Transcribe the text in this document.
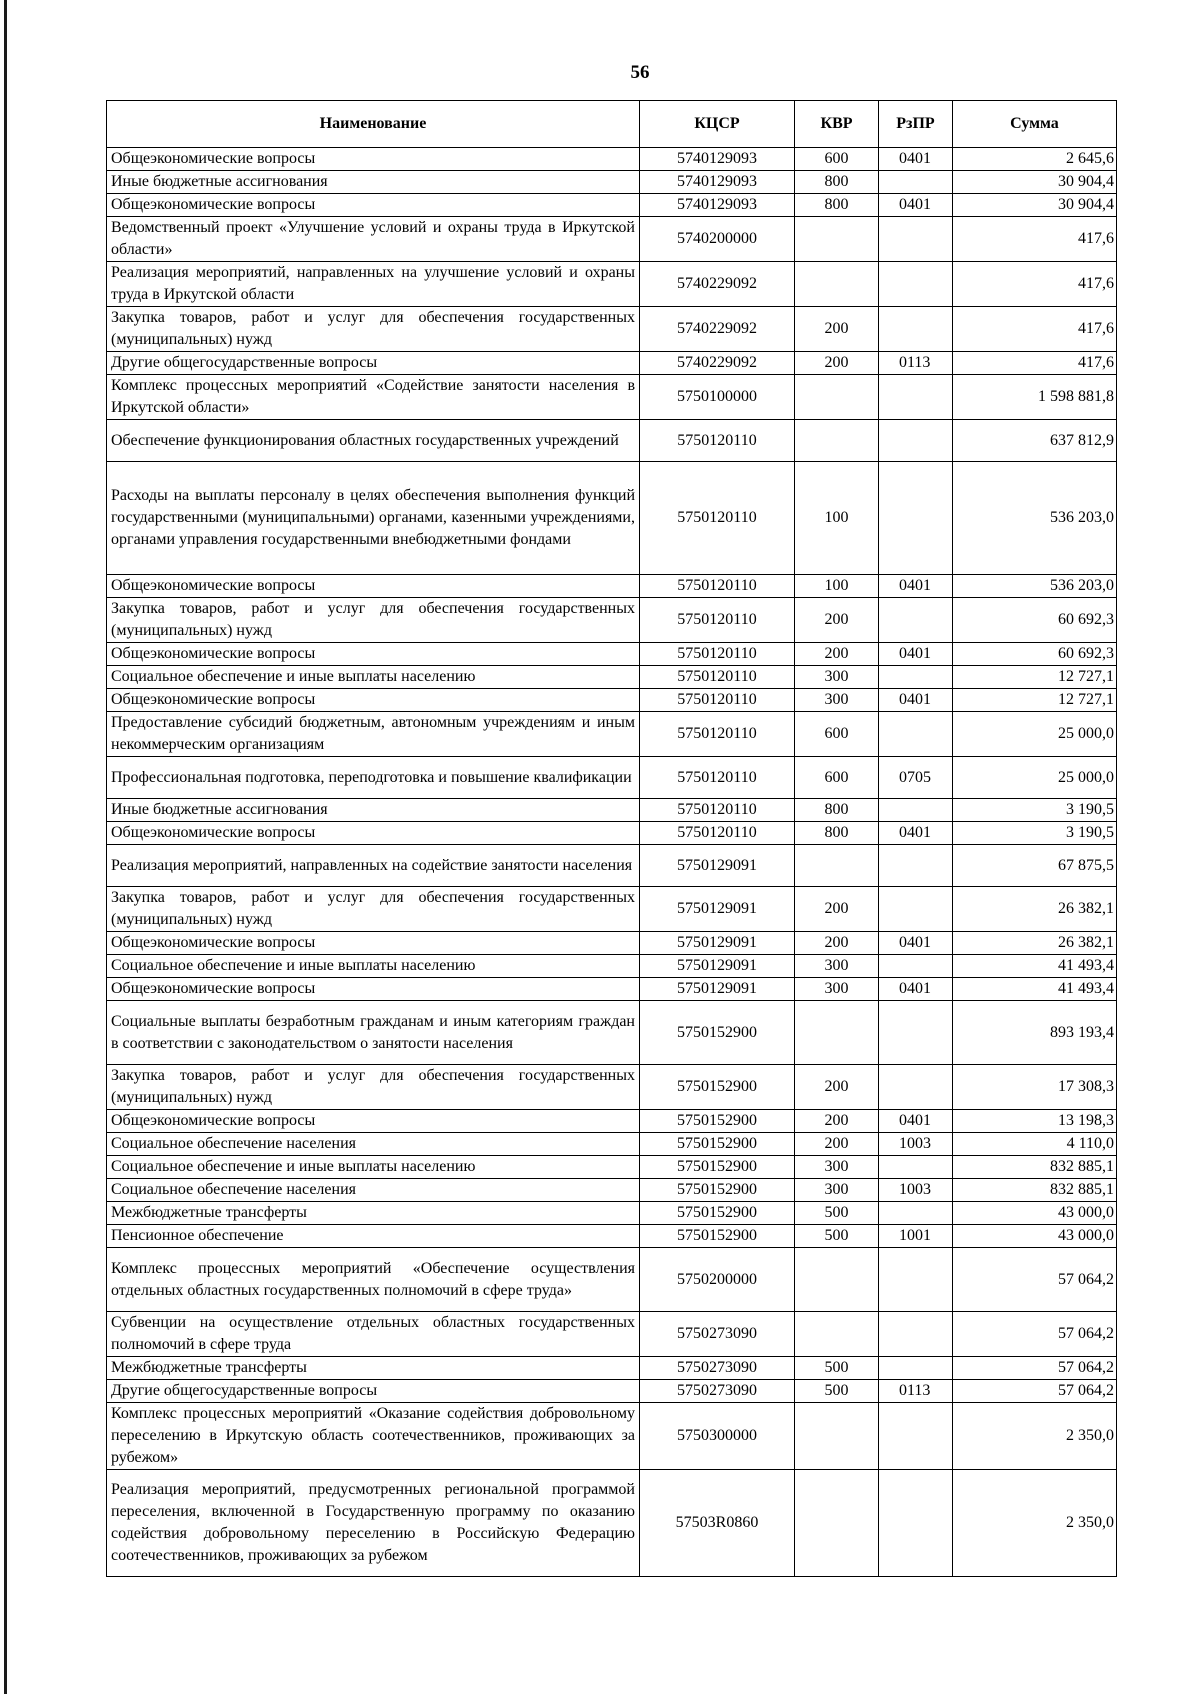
56
Наименование	КЦСР	КВР	РзПР	Сумма
Общеэкономические вопросы	5740129093	600	0401	2 645,6
Иные бюджетные ассигнования	5740129093	800		30 904,4
Общеэкономические вопросы	5740129093	800	0401	30 904,4
Ведомственный проект «Улучшение условий и охраны труда в Иркутской области»	5740200000			417,6
Реализация мероприятий, направленных на улучшение условий и охраны труда в Иркутской области	5740229092			417,6
Закупка товаров, работ и услуг для обеспечения государственных (муниципальных) нужд	5740229092	200		417,6
Другие общегосударственные вопросы	5740229092	200	0113	417,6
Комплекс процессных мероприятий «Содействие занятости населения в Иркутской области»	5750100000			1 598 881,8
Обеспечение функционирования областных государственных учреждений	5750120110			637 812,9
Расходы на выплаты персоналу в целях обеспечения выполнения функций государственными (муниципальными) органами, казенными учреждениями, органами управления государственными внебюджетными фондами	5750120110	100		536 203,0
Общеэкономические вопросы	5750120110	100	0401	536 203,0
Закупка товаров, работ и услуг для обеспечения государственных (муниципальных) нужд	5750120110	200		60 692,3
Общеэкономические вопросы	5750120110	200	0401	60 692,3
Социальное обеспечение и иные выплаты населению	5750120110	300		12 727,1
Общеэкономические вопросы	5750120110	300	0401	12 727,1
Предоставление субсидий бюджетным, автономным учреждениям и иным некоммерческим организациям	5750120110	600		25 000,0
Профессиональная подготовка, переподготовка и повышение квалификации	5750120110	600	0705	25 000,0
Иные бюджетные ассигнования	5750120110	800		3 190,5
Общеэкономические вопросы	5750120110	800	0401	3 190,5
Реализация мероприятий, направленных на содействие занятости населения	5750129091			67 875,5
Закупка товаров, работ и услуг для обеспечения государственных (муниципальных) нужд	5750129091	200		26 382,1
Общеэкономические вопросы	5750129091	200	0401	26 382,1
Социальное обеспечение и иные выплаты населению	5750129091	300		41 493,4
Общеэкономические вопросы	5750129091	300	0401	41 493,4
Социальные выплаты безработным гражданам и иным категориям граждан в соответствии с законодательством о занятости населения	5750152900			893 193,4
Закупка товаров, работ и услуг для обеспечения государственных (муниципальных) нужд	5750152900	200		17 308,3
Общеэкономические вопросы	5750152900	200	0401	13 198,3
Социальное обеспечение населения	5750152900	200	1003	4 110,0
Социальное обеспечение и иные выплаты населению	5750152900	300		832 885,1
Социальное обеспечение населения	5750152900	300	1003	832 885,1
Межбюджетные трансферты	5750152900	500		43 000,0
Пенсионное обеспечение	5750152900	500	1001	43 000,0
Комплекс процессных мероприятий «Обеспечение осуществления отдельных областных государственных полномочий в сфере труда»	5750200000			57 064,2
Субвенции на осуществление отдельных областных государственных полномочий в сфере труда	5750273090			57 064,2
Межбюджетные трансферты	5750273090	500		57 064,2
Другие общегосударственные вопросы	5750273090	500	0113	57 064,2
Комплекс процессных мероприятий «Оказание содействия добровольному переселению в Иркутскую область соотечественников, проживающих за рубежом»	5750300000			2 350,0
Реализация мероприятий, предусмотренных региональной программой переселения, включенной в Государственную программу по оказанию содействия добровольному переселению в Российскую Федерацию соотечественников, проживающих за рубежом	57503R0860			2 350,0
